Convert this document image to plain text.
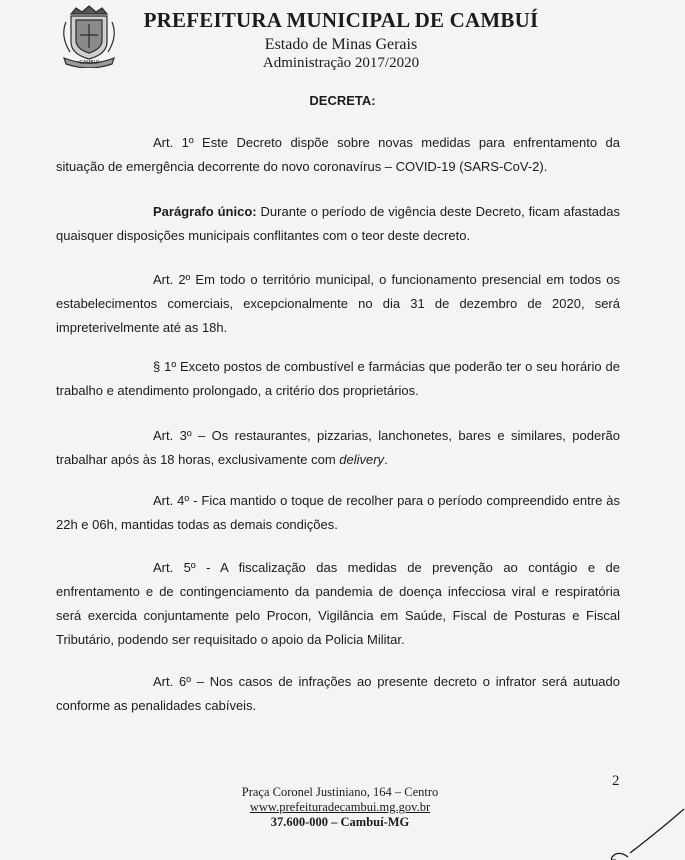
CAMBUÍ
PREFEITURA MUNICIPAL DE CAMBUÍ
Estado de Minas Gerais
Administração 2017/2020
DECRETA:
Art. 1º Este Decreto dispõe sobre novas medidas para enfrentamento da situação de emergência decorrente do novo coronavírus – COVID-19 (SARS-CoV-2).
Parágrafo único: Durante o período de vigência deste Decreto, ficam afastadas quaisquer disposições municipais conflitantes com o teor deste decreto.
Art. 2º Em todo o território municipal, o funcionamento presencial em todos os estabelecimentos comerciais, excepcionalmente no dia 31 de dezembro de 2020, será impreterivelmente até as 18h.
§ 1º Exceto postos de combustível e farmácias que poderão ter o seu horário de trabalho e atendimento prolongado, a critério dos proprietários.
Art. 3º – Os restaurantes, pizzarias, lanchonetes, bares e similares, poderão trabalhar após às 18 horas, exclusivamente com delivery.
Art. 4º - Fica mantido o toque de recolher para o período compreendido entre às 22h e 06h, mantidas todas as demais condições.
Art. 5º - A fiscalização das medidas de prevenção ao contágio e de enfrentamento e de contingenciamento da pandemia de doença infecciosa viral e respiratória será exercida conjuntamente pelo Procon, Vigilância em Saúde, Fiscal de Posturas e Fiscal Tributário, podendo ser requisitado o apoio da Policia Militar.
Art. 6º – Nos casos de infrações ao presente decreto o infrator será autuado conforme as penalidades cabíveis.
2
Praça Coronel Justiniano, 164 – Centro
www.prefeituradecambui.mg.gov.br
37.600-000 – Cambuí-MG
